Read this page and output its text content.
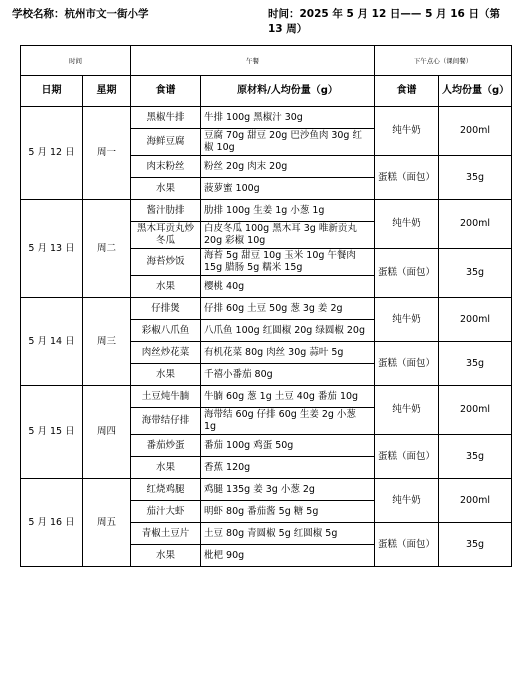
学校名称：杭州市文一街小学	时间：2025 年 5 月 12 日—— 5 月 16 日（第 13 周）
时间		午餐		下午点心（课间餐）	
日期	星期	食谱	原材料/人均份量（g）	食谱	人均份量（g）
5 月 12 日	周一	黑椒牛排	牛排 100g 黑椒汁 30g	纯牛奶	200ml
		海鲜豆腐	豆腐 70g 甜豆 20g 巴沙鱼肉 30g 红椒 10g		
		肉末粉丝	粉丝 20g 肉末 20g	蛋糕（面包）	35g
		水果	菠萝蜜 100g		
5 月 13 日	周二	酱汁肋排	肋排 100g 生姜 1g 小葱 1g	纯牛奶	200ml
		黑木耳贡丸炒冬瓜	白皮冬瓜 100g 黑木耳 3g 唯新贡丸 20g 彩椒 10g		
		海苔炒饭	海苔 5g 甜豆 10g 玉米 10g 午餐肉 15g 腊肠 5g 糯米 15g	蛋糕（面包）	35g
		水果	樱桃 40g		
5 月 14 日	周三	仔排煲	仔排 60g 土豆 50g 葱 3g 姜 2g	纯牛奶	200ml
		彩椒八爪鱼	八爪鱼 100g 红圆椒 20g 绿圆椒 20g		
		肉丝炒花菜	有机花菜 80g 肉丝 30g 蒜叶 5g	蛋糕（面包）	35g
		水果	千禧小番茄 80g		
5 月 15 日	周四	土豆炖牛腩	牛腩 60g 葱 1g 土豆 40g 番茄 10g	纯牛奶	200ml
		海带结仔排	海带结 60g 仔排 60g 生姜 2g 小葱 1g		
		番茄炒蛋	番茄 100g 鸡蛋 50g	蛋糕（面包）	35g
		水果	香蕉 120g		
5 月 16 日	周五	红烧鸡腿	鸡腿 135g 姜 3g 小葱 2g	纯牛奶	200ml
		茄汁大虾	明虾 80g 番茄酱 5g 糖 5g		
		青椒土豆片	土豆 80g 青圆椒 5g 红圆椒 5g	蛋糕（面包）	35g
		水果	枇杷 90g		
